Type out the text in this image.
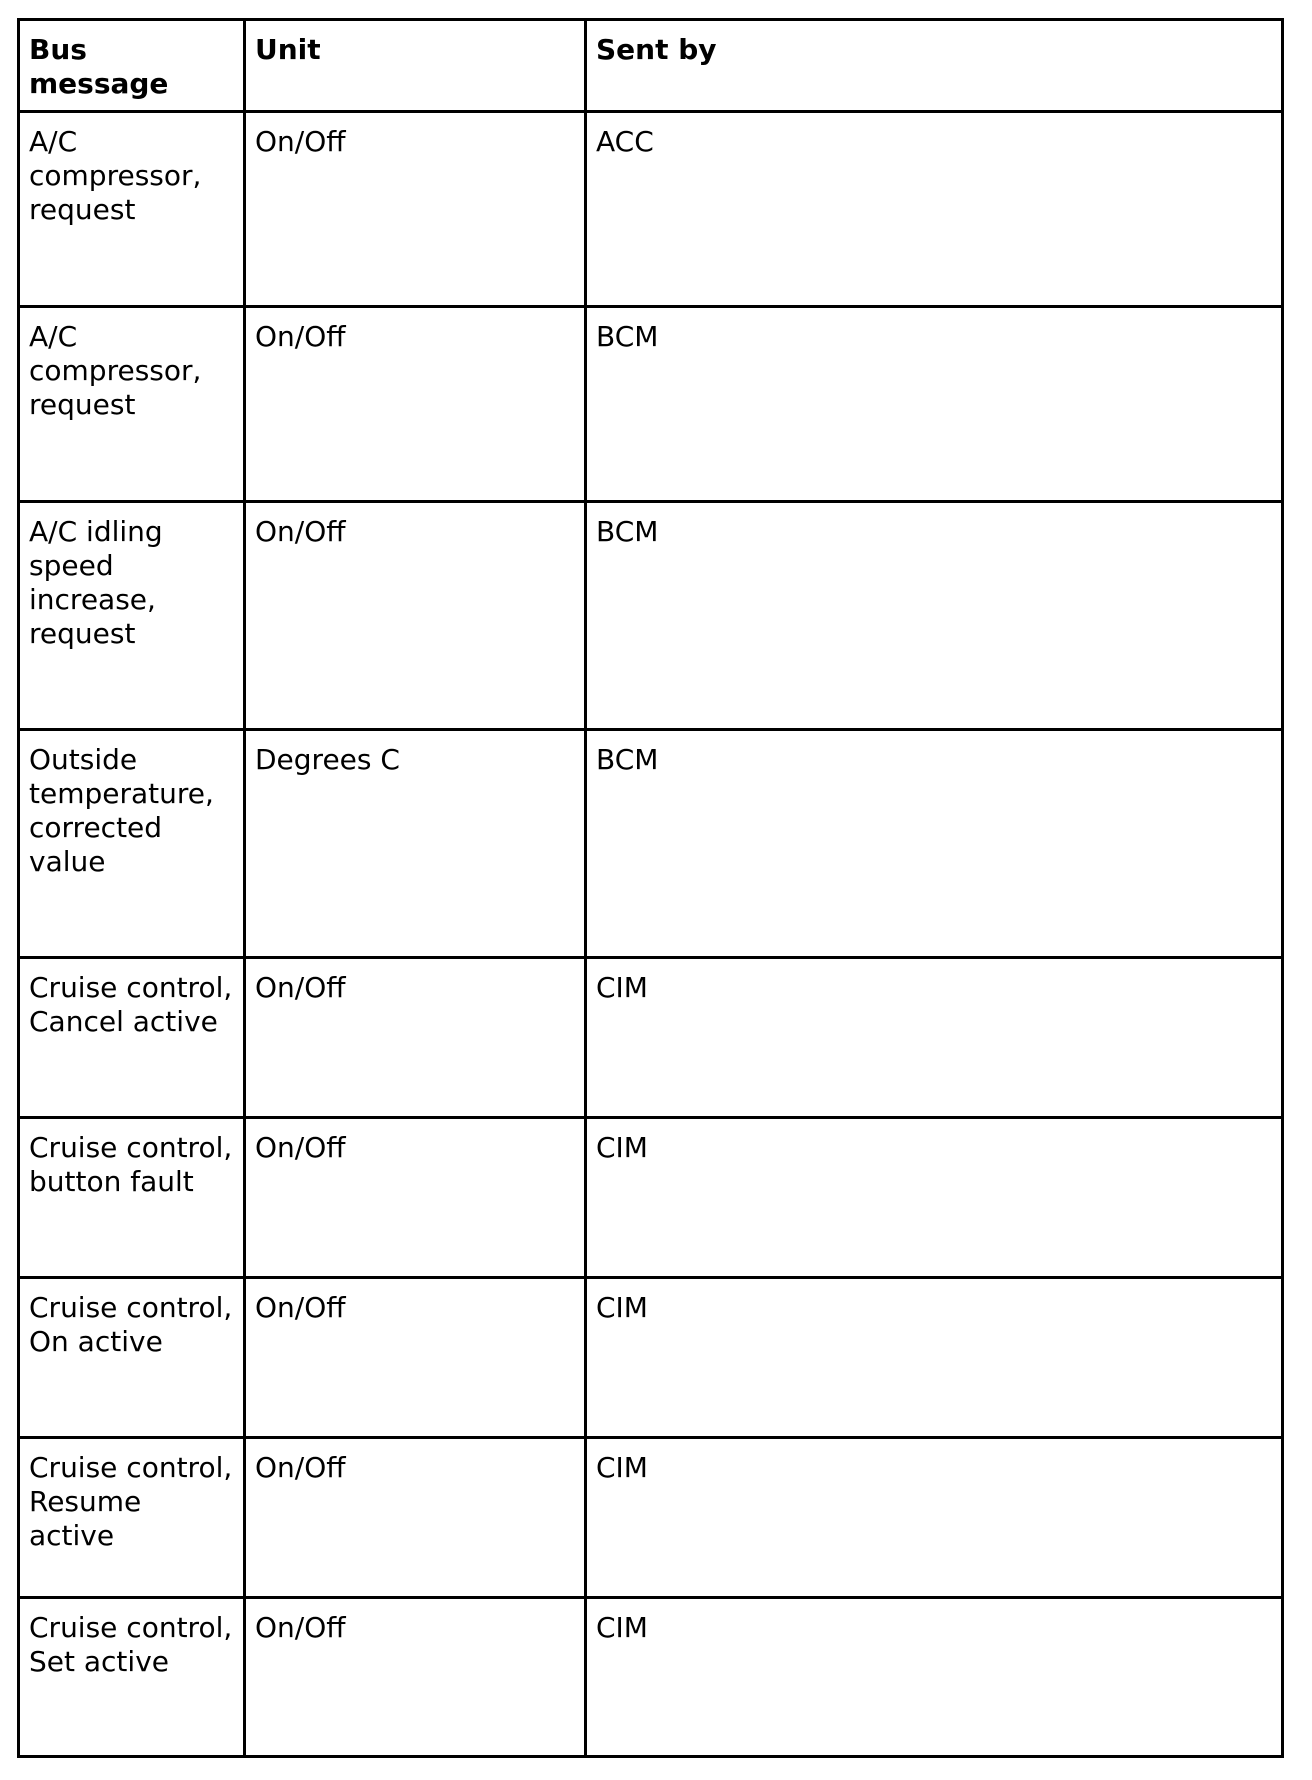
Bus message	Unit	Sent by
A/C compressor, request	On/Off	ACC
A/C compressor, request	On/Off	BCM
A/C idling speed increase, request	On/Off	BCM
Outside temperature, corrected value	Degrees C	BCM
Cruise control, Cancel active	On/Off	CIM
Cruise control, button fault	On/Off	CIM
Cruise control, On active	On/Off	CIM
Cruise control, Resume active	On/Off	CIM
Cruise control, Set active	On/Off	CIM
